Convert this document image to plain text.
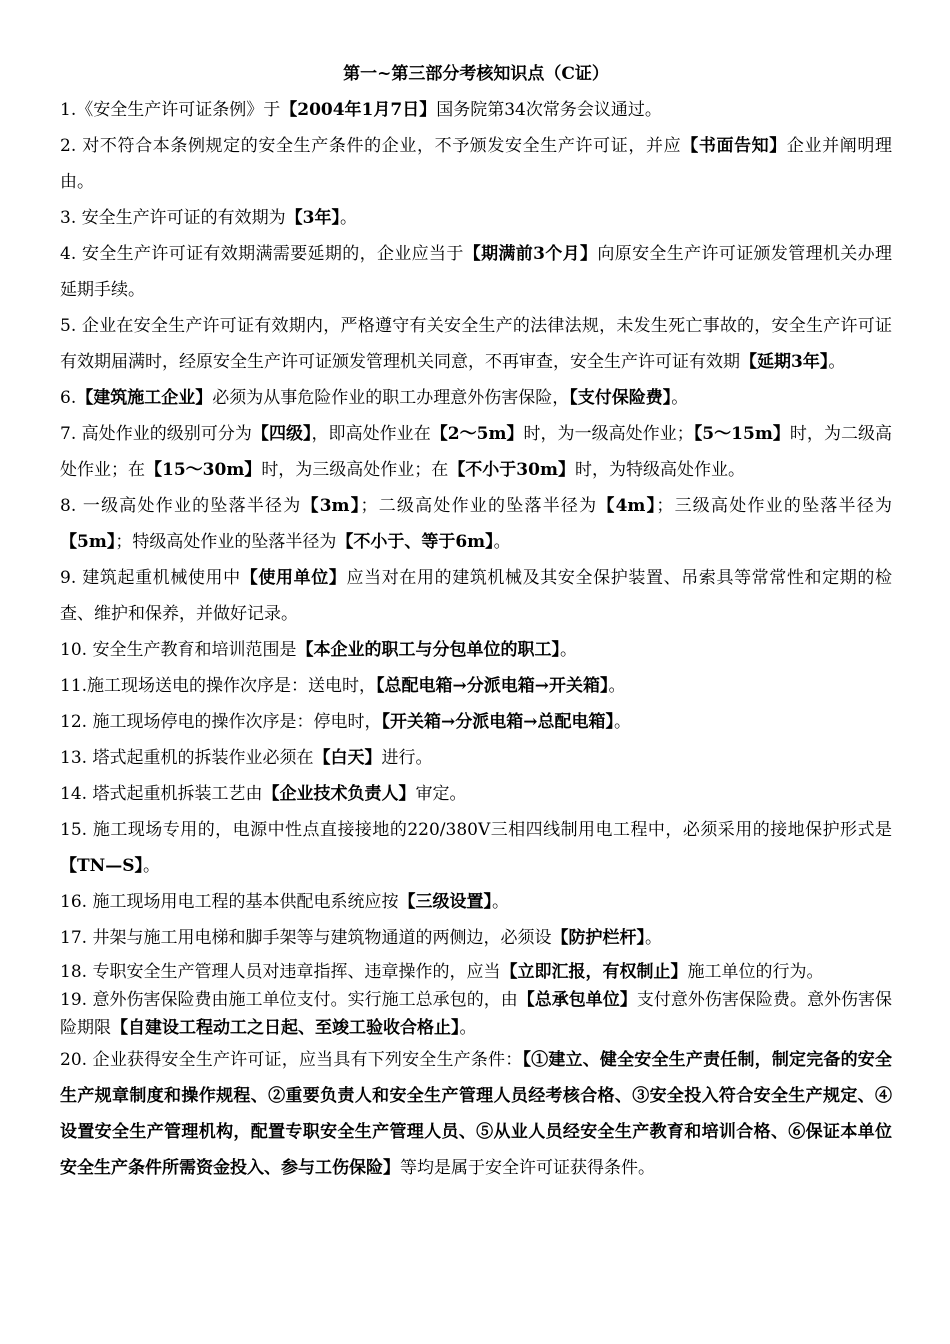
第一~第三部分考核知识点（C证）

1.《安全生产许可证条例》于【2004年1月7日】国务院第34次常务会议通过。

2. 对不符合本条例规定的安全生产条件的企业，不予颁发安全生产许可证，并应【书面告知】企业并阐明理由。

3. 安全生产许可证的有效期为【3年】。

4. 安全生产许可证有效期满需要延期的，企业应当于【期满前3个月】向原安全生产许可证颁发管理机关办理延期手续。

5. 企业在安全生产许可证有效期内，严格遵守有关安全生产的法律法规，未发生死亡事故的，安全生产许可证有效期届满时，经原安全生产许可证颁发管理机关同意，不再审查，安全生产许可证有效期【延期3年】。

6.【建筑施工企业】必须为从事危险作业的职工办理意外伤害保险，【支付保险费】。

7. 高处作业的级别可分为【四级】，即高处作业在【2～5m】时，为一级高处作业；【5～15m】时，为二级高处作业；在【15～30m】时，为三级高处作业；在【不小于30m】时，为特级高处作业。

8. 一级高处作业的坠落半径为【3m】；二级高处作业的坠落半径为【4m】；三级高处作业的坠落半径为【5m】；特级高处作业的坠落半径为【不小于、等于6m】。

9. 建筑起重机械使用中【使用单位】应当对在用的建筑机械及其安全保护装置、吊索具等常常性和定期的检查、维护和保养，并做好记录。

10. 安全生产教育和培训范围是【本企业的职工与分包单位的职工】。

11.施工现场送电的操作次序是：送电时，【总配电箱→分派电箱→开关箱】。

12. 施工现场停电的操作次序是：停电时，【开关箱→分派电箱→总配电箱】。

13. 塔式起重机的拆装作业必须在【白天】进行。

14. 塔式起重机拆装工艺由【企业技术负责人】审定。

15. 施工现场专用的，电源中性点直接接地的220/380V三相四线制用电工程中，必须采用的接地保护形式是【TN—S】。

16. 施工现场用电工程的基本供配电系统应按【三级设置】。

17. 井架与施工用电梯和脚手架等与建筑物通道的两侧边，必须设【防护栏杆】。

18. 专职安全生产管理人员对违章指挥、违章操作的，应当【立即汇报，有权制止】施工单位的行为。

19. 意外伤害保险费由施工单位支付。实行施工总承包的，由【总承包单位】支付意外伤害保险费。意外伤害保险期限【自建设工程动工之日起、至竣工验收合格止】。

20. 企业获得安全生产许可证，应当具有下列安全生产条件：【①建立、健全安全生产责任制，制定完备的安全生产规章制度和操作规程、②重要负责人和安全生产管理人员经考核合格、③安全投入符合安全生产规定、④设置安全生产管理机构，配置专职安全生产管理人员、⑤从业人员经安全生产教育和培训合格、⑥保证本单位安全生产条件所需资金投入、参与工伤保险】等均是属于安全许可证获得条件。
